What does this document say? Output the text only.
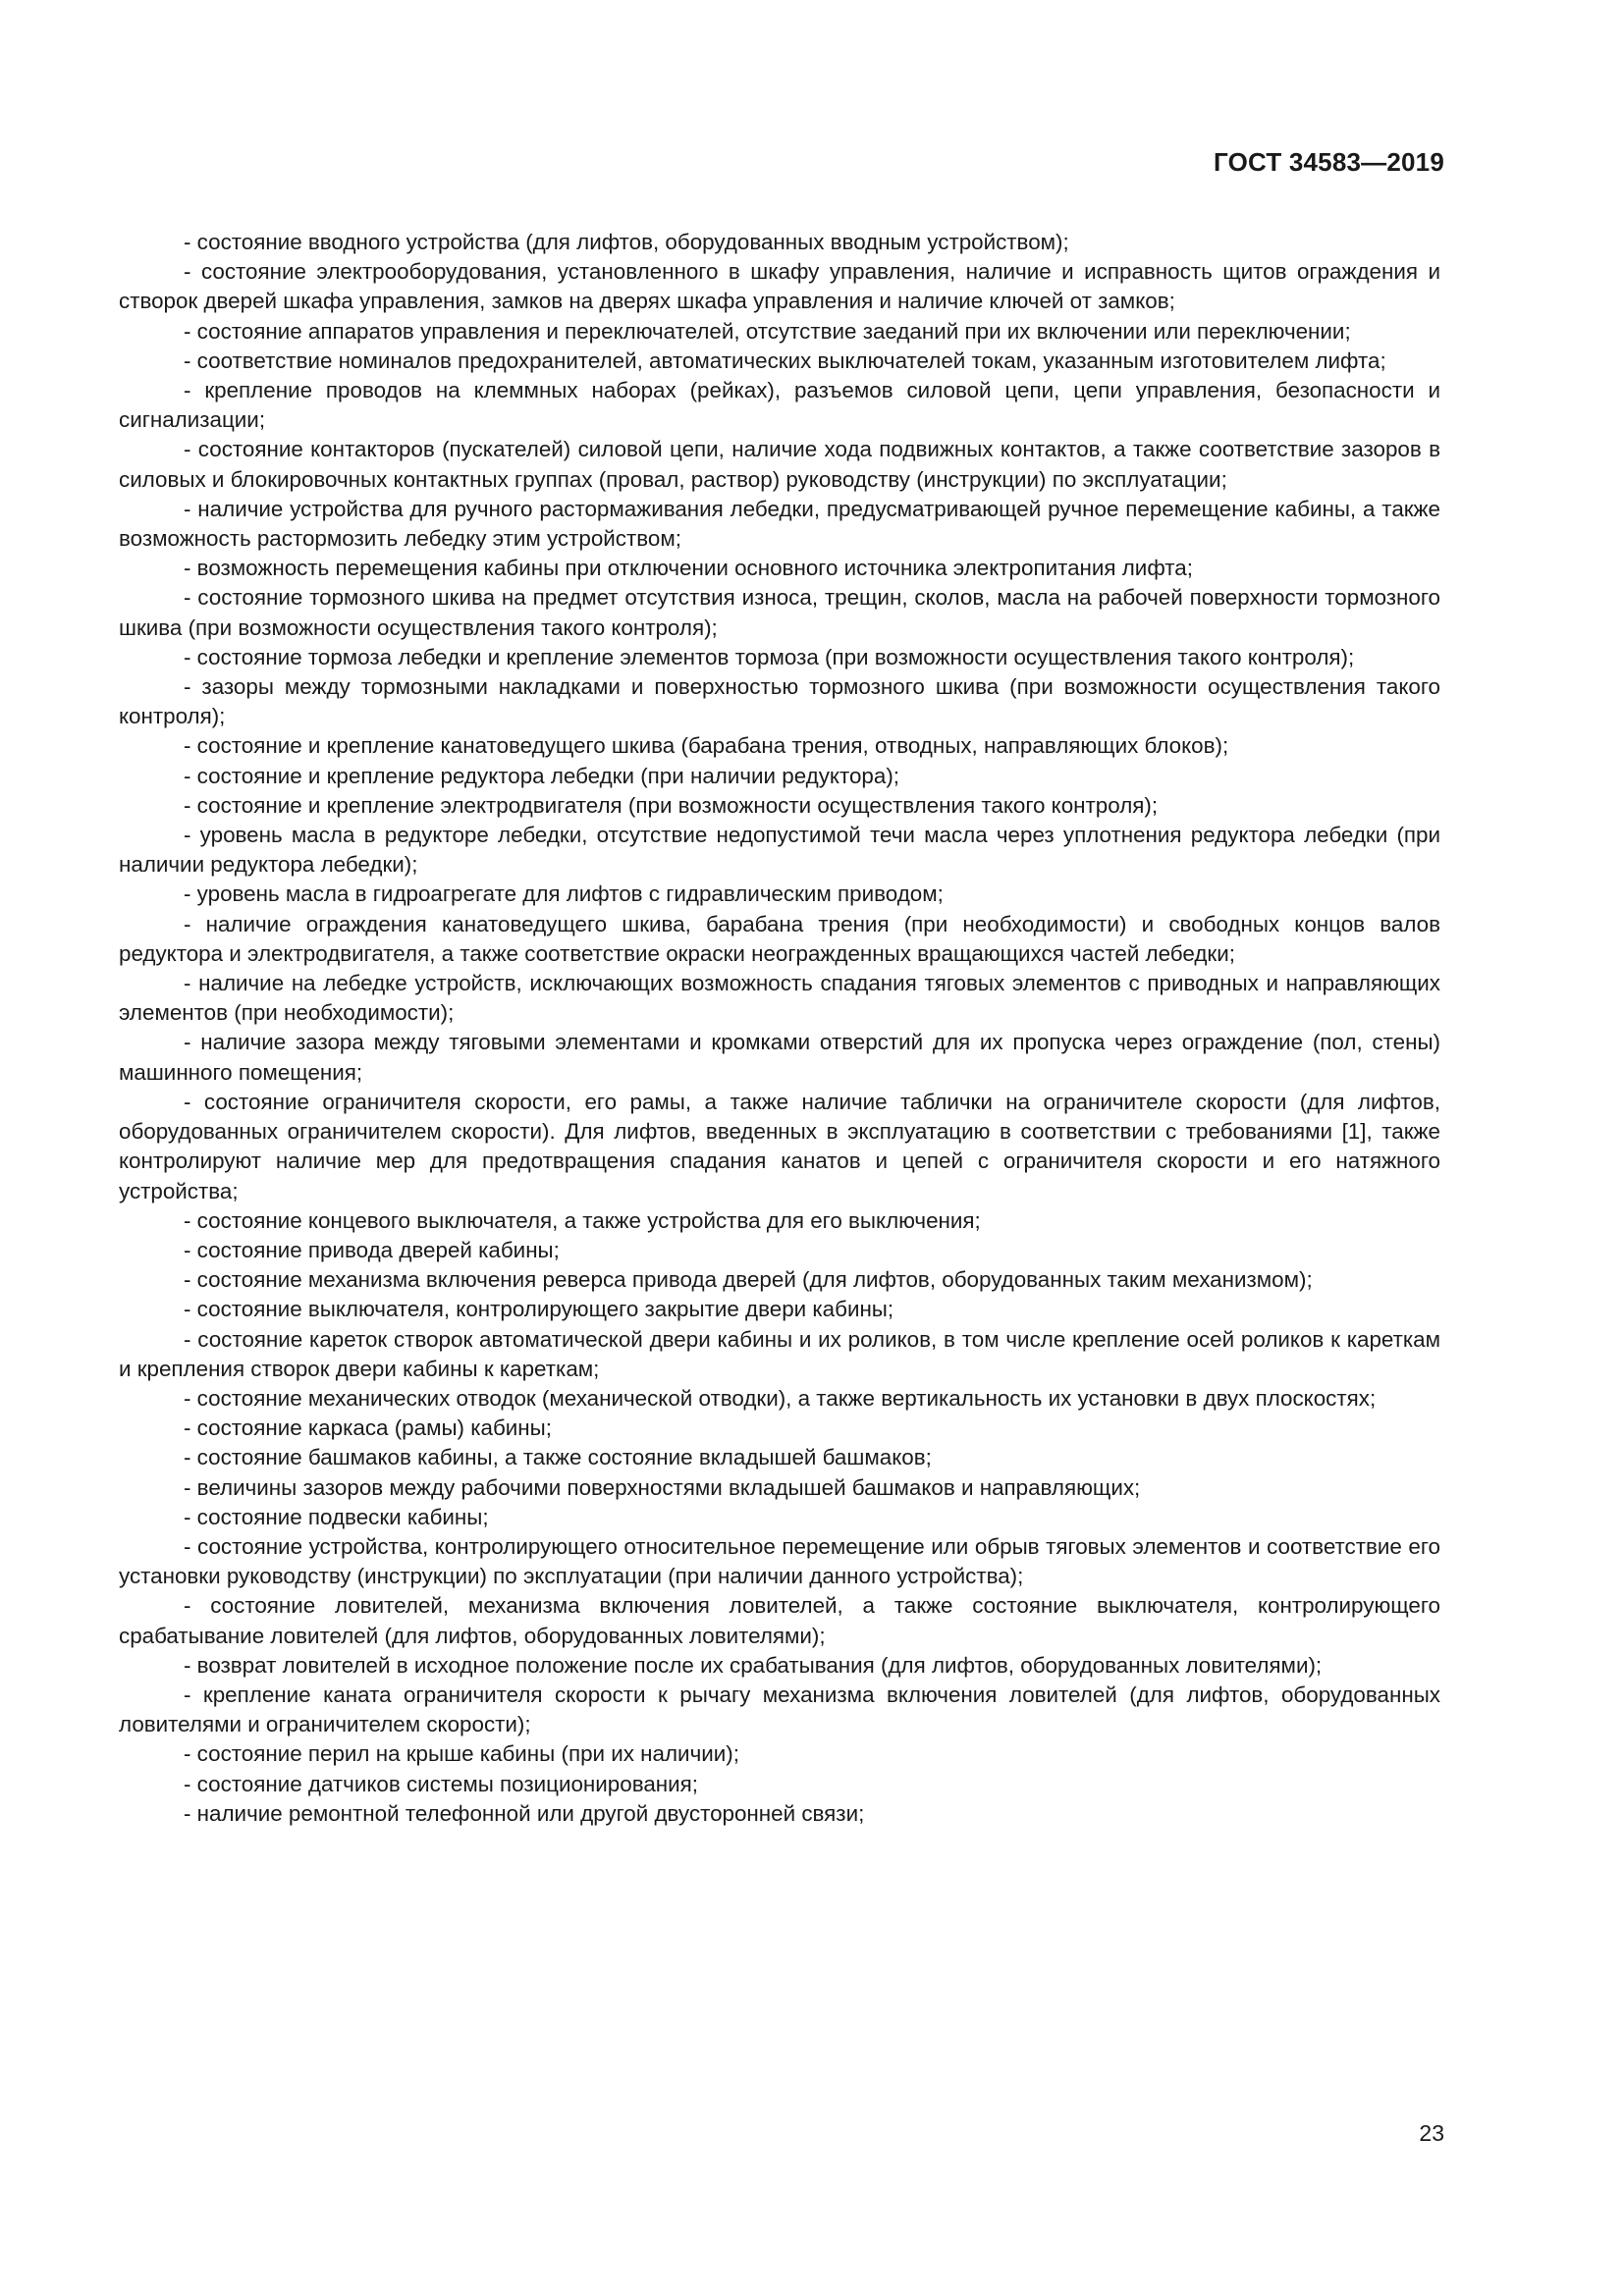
ГОСТ 34583—2019

- состояние вводного устройства (для лифтов, оборудованных вводным устройством);

- состояние электрооборудования, установленного в шкафу управления, наличие и исправность щитов ограждения и створок дверей шкафа управления, замков на дверях шкафа управления и наличие ключей от замков;

- состояние аппаратов управления и переключателей, отсутствие заеданий при их включении или переключении;

- соответствие номиналов предохранителей, автоматических выключателей токам, указанным изготовителем лифта;

- крепление проводов на клеммных наборах (рейках), разъемов силовой цепи, цепи управления, безопасности и сигнализации;

- состояние контакторов (пускателей) силовой цепи, наличие хода подвижных контактов, а также соответствие зазоров в силовых и блокировочных контактных группах (провал, раствор) руководству (инструкции) по эксплуатации;

- наличие устройства для ручного растормаживания лебедки, предусматривающей ручное перемещение кабины, а также возможность растормозить лебедку этим устройством;

- возможность перемещения кабины при отключении основного источника электропитания лифта;

- состояние тормозного шкива на предмет отсутствия износа, трещин, сколов, масла на рабочей поверхности тормозного шкива (при возможности осуществления такого контроля);

- состояние тормоза лебедки и крепление элементов тормоза (при возможности осуществления такого контроля);

- зазоры между тормозными накладками и поверхностью тормозного шкива (при возможности осуществления такого контроля);

- состояние и крепление канатоведущего шкива (барабана трения, отводных, направляющих блоков);

- состояние и крепление редуктора лебедки (при наличии редуктора);

- состояние и крепление электродвигателя (при возможности осуществления такого контроля);

- уровень масла в редукторе лебедки, отсутствие недопустимой течи масла через уплотнения редуктора лебедки (при наличии редуктора лебедки);

- уровень масла в гидроагрегате для лифтов с гидравлическим приводом;

- наличие ограждения канатоведущего шкива, барабана трения (при необходимости) и свободных концов валов редуктора и электродвигателя, а также соответствие окраски неогражденных вращающихся частей лебедки;

- наличие на лебедке устройств, исключающих возможность спадания тяговых элементов с приводных и направляющих элементов (при необходимости);

- наличие зазора между тяговыми элементами и кромками отверстий для их пропуска через ограждение (пол, стены) машинного помещения;

- состояние ограничителя скорости, его рамы, а также наличие таблички на ограничителе скорости (для лифтов, оборудованных ограничителем скорости). Для лифтов, введенных в эксплуатацию в соответствии с требованиями [1], также контролируют наличие мер для предотвращения спадания канатов и цепей с ограничителя скорости и его натяжного устройства;

- состояние концевого выключателя, а также устройства для его выключения;

- состояние привода дверей кабины;

- состояние механизма включения реверса привода дверей (для лифтов, оборудованных таким механизмом);

- состояние выключателя, контролирующего закрытие двери кабины;

- состояние кареток створок автоматической двери кабины и их роликов, в том числе крепление осей роликов к кареткам и крепления створок двери кабины к кареткам;

- состояние механических отводок (механической отводки), а также вертикальность их установки в двух плоскостях;

- состояние каркаса (рамы) кабины;

- состояние башмаков кабины, а также состояние вкладышей башмаков;

- величины зазоров между рабочими поверхностями вкладышей башмаков и направляющих;

- состояние подвески кабины;

- состояние устройства, контролирующего относительное перемещение или обрыв тяговых элементов и соответствие его установки руководству (инструкции) по эксплуатации (при наличии данного устройства);

- состояние ловителей, механизма включения ловителей, а также состояние выключателя, контролирующего срабатывание ловителей (для лифтов, оборудованных ловителями);

- возврат ловителей в исходное положение после их срабатывания (для лифтов, оборудованных ловителями);

- крепление каната ограничителя скорости к рычагу механизма включения ловителей (для лифтов, оборудованных ловителями и ограничителем скорости);

- состояние перил на крыше кабины (при их наличии);

- состояние датчиков системы позиционирования;

- наличие ремонтной телефонной или другой двусторонней связи;

23
